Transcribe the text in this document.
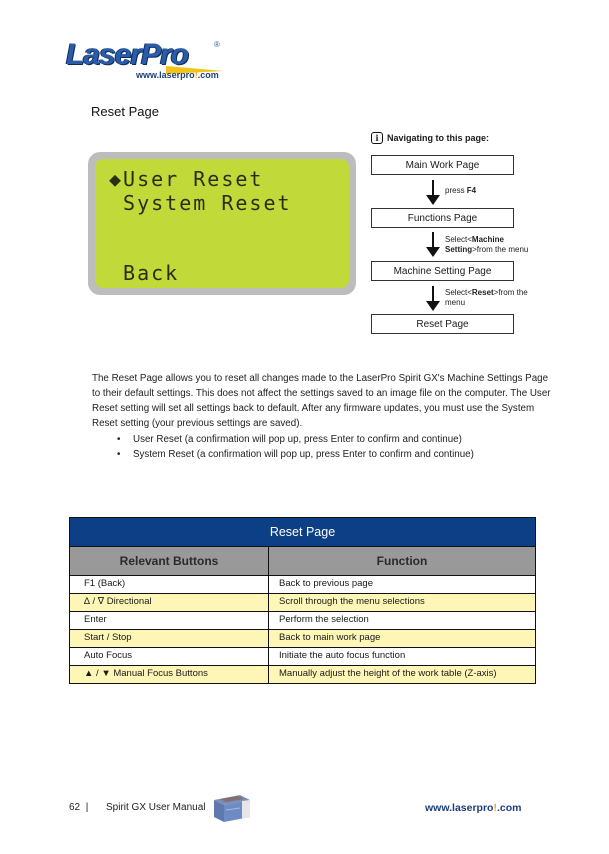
LaserPro	®
www.laserpro!.com
Reset Page
◆User Reset
System Reset
Back
i Navigating to this page:
Main Work Page
press F4
Functions Page
Select<Machine Setting>from the menu
Machine Setting Page
Select<Reset>from the menu
Reset Page
The Reset Page allows you to reset all changes made to the LaserPro Spirit GX's Machine Settings Page to their default settings. This does not affect the settings saved to an image file on the computer. The User Reset setting will set all settings back to default. After any firmware updates, you must use the System Reset setting (your previous settings are saved).
• User Reset (a confirmation will pop up, press Enter to confirm and continue)
• System Reset (a confirmation will pop up, press Enter to confirm and continue)
Reset Page
Relevant Buttons	Function
F1 (Back)	Back to previous page
∆ / ∇ Directional	Scroll through the menu selections
Enter	Perform the selection
Start / Stop	Back to main work page
Auto Focus	Initiate the auto focus function
▲ / ▼ Manual Focus Buttons	Manually adjust the height of the work table (Z-axis)
62 | Spirit GX User Manual	www.laserpro!.com
